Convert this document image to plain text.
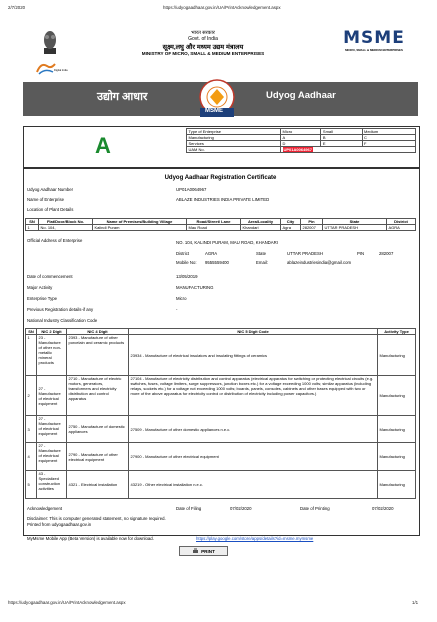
2/7/2020	https://udyogaadhaar.gov.in/UA/PrintAcknowledgement.aspx
Digital India
भारत सरकार
Govt. of India
सूक्ष्म,लघु और मध्यम उद्यम मंत्रालय
MINISTRY OF MICRO, SMALL & MEDIUM ENTERPRISES
MSME
MICRO, SMALL & MEDIUM ENTERPRISES
उद्योग आधार	Udyog Aadhaar
MSME
A
Type of Enterprise	Micro	Small	Medium
Manufacturing	A	B	C
Services	D	E	F
UAM No.	UP01A0064967		
Udyog Aadhaar Registration Certificate
Udyog Aadhaar Number	UP01A0064967
Name of Enterprise	ABLAZE INDUSTRIES INDIA PRIVATE LIMITED
Location of Plant Details
SN	Flat/Door/Block No.	Name of Premises/Building Village	Road/Street/ Lane	Area/Locality	City	Pin	State	District
1	No. 104,	Kalindi Puram	Mau Road	Khandari	Agra	282007	UTTAR PRADESH	AGRA
Official Address of Enterprise	NO. 104, KALINDI PURAM, MAU ROAD, KHANDARI
District	AGRA	State	UTTAR PRADESH	PIN	282007
Mobile No: 9555559400	Email:	ablazeindustriesindia@gmail.com
Date of commencement	13/05/2019
Major Activity	MANUFACTURING
Enterprise Type	Micro
Previous Registration details-if any	-
National Industry Classification Code
SN	NIC 2 Digit	NIC 4 Digit	NIC 5 Digit Code	Activity Type
1	23 - Manufacture of other non-metallic mineral products	2393 - Manufacture of other porcelain and ceramic products	23934 - Manufacture of electrical insulators and insulating fittings of ceramics	Manufacturing
2	27 - Manufacture of electrical equipment	2710 - Manufacture of electric motors, generators, transformers and electricity distribution and control apparatus	27104 - Manufacture of electricity distribution and control apparatus (electrical apparatus for switching or protecting electrical circuits (e.g. switches, fuses, voltage limiters, surge suppressors, junction boxes etc.) for a voltage exceeding 1000 volts; similar apparatus (including relays, sockets etc.) for a voltage not exceeding 1000 volts; boards, panels, consoles, cabinets and other bases equipped with two or more of the above apparatus for electricity control or distribution of electricity including power capacitors.)	Manufacturing
3	27 - Manufacture of electrical equipment	2750 - Manufacture of domestic appliances	27509 - Manufacture of other domestic appliances n.e.c.	Manufacturing
4	27 - Manufacture of electrical equipment	2790 - Manufacture of other electrical equipment	27900 - Manufacture of other electrical equipment	Manufacturing
5	43 - Specialized construction activities	4321 - Electrical installation	43219 - Other electrical installation n.e.c.	Manufacturing
Acknowledgement	Date of Filing	07/02/2020	Date of Printing	07/02/2020
Disclaimer: This is computer generated statement, no signature required.
Printed from udyogaadhaar.gov.in
MyMsme Mobile App (Beta Version) is available now for download.	https://play.google.com/store/apps/details?id=msme.mymsme
PRINT
https://udyogaadhaar.gov.in/UA/PrintAcknowledgement.aspx	1/1
